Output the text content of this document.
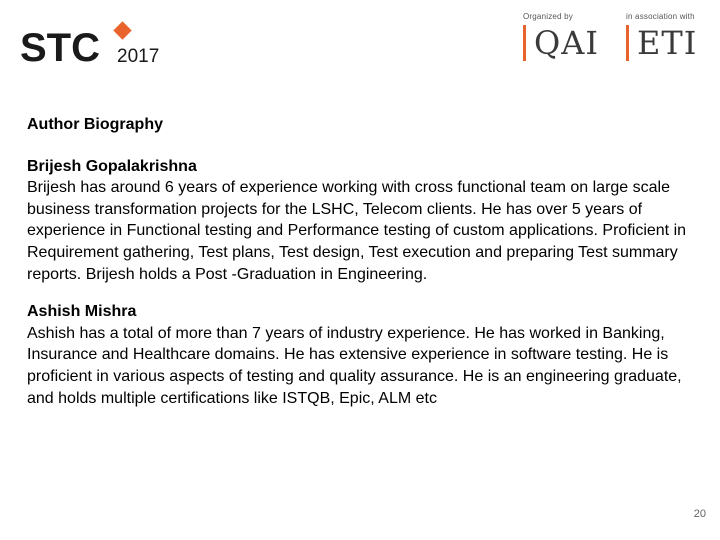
STC 2017
Organized by
QAI
in association with
ETI
Author Biography
Brijesh Gopalakrishna
Brijesh has around 6 years of experience working with cross functional team on large scale business transformation projects for the LSHC, Telecom clients. He has over 5 years of experience in Functional testing and Performance testing of custom applications. Proficient in Requirement gathering, Test plans, Test design, Test execution and preparing Test summary reports. Brijesh holds a Post -Graduation in Engineering.
Ashish Mishra
Ashish has a total of more than 7 years of industry experience. He has worked in Banking, Insurance and Healthcare domains. He has extensive experience in software testing. He is proficient in various aspects of testing and quality assurance. He is an engineering graduate, and holds multiple certifications like ISTQB, Epic, ALM etc
20
